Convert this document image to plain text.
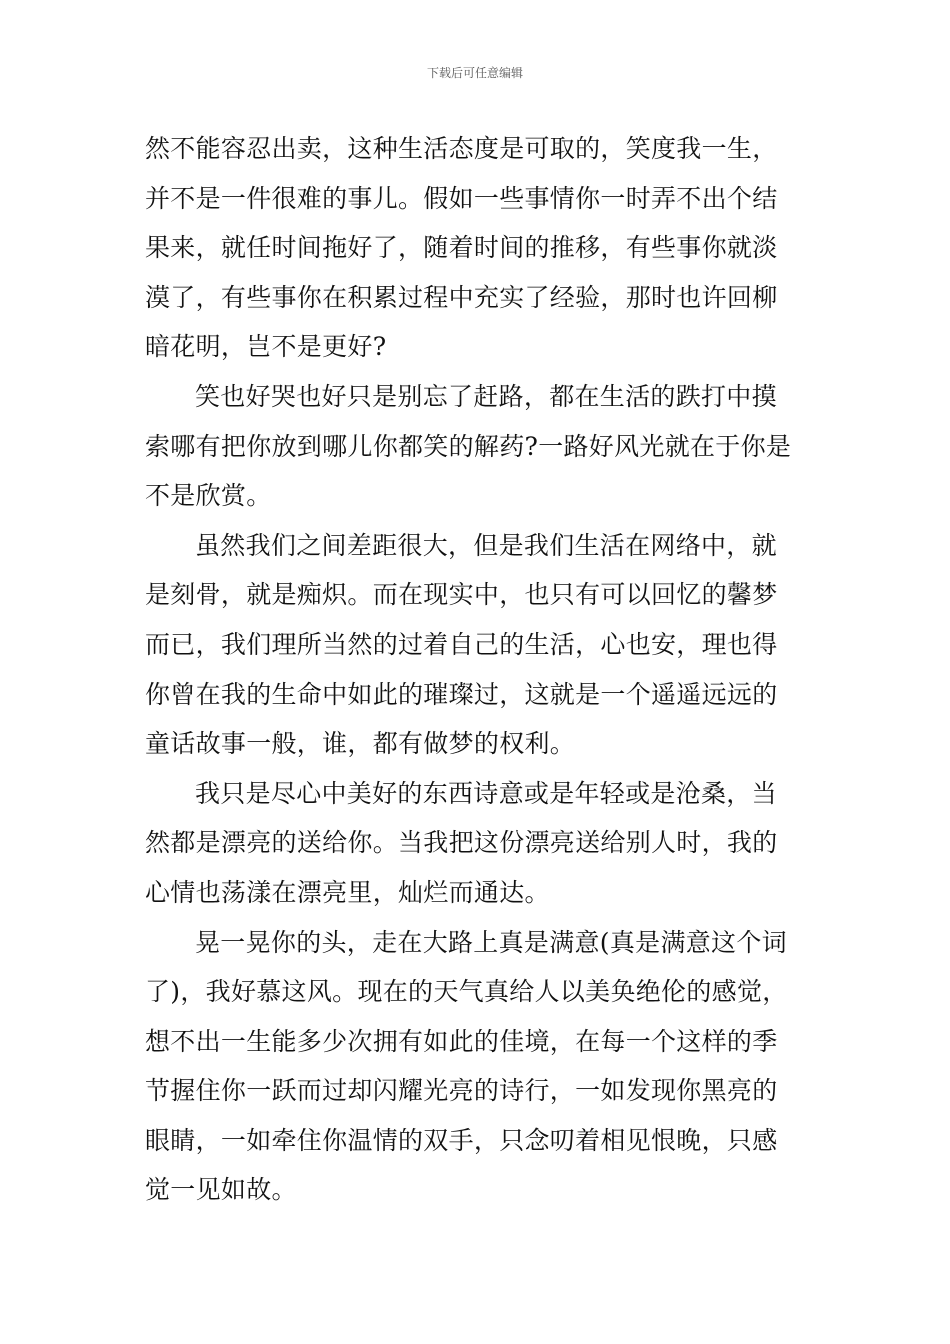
下载后可任意编辑
然不能容忍出卖，这种生活态度是可取的，笑度我一生，
并不是一件很难的事儿。假如一些事情你一时弄不出个结
果来，就任时间拖好了，随着时间的推移，有些事你就淡
漠了，有些事你在积累过程中充实了经验，那时也许回柳
暗花明，岂不是更好?
笑也好哭也好只是别忘了赶路，都在生活的跌打中摸
索哪有把你放到哪儿你都笑的解药?一路好风光就在于你是
不是欣赏。
虽然我们之间差距很大，但是我们生活在网络中，就
是刻骨，就是痴炽。而在现实中，也只有可以回忆的馨梦
而已，我们理所当然的过着自己的生活，心也安，理也得
你曾在我的生命中如此的璀璨过，这就是一个遥遥远远的
童话故事一般，谁，都有做梦的权利。
我只是尽心中美好的东西诗意或是年轻或是沧桑，当
然都是漂亮的送给你。当我把这份漂亮送给别人时，我的
心情也荡漾在漂亮里，灿烂而通达。
晃一晃你的头，走在大路上真是满意(真是满意这个词
了)，我好慕这风。现在的天气真给人以美奂绝伦的感觉，
想不出一生能多少次拥有如此的佳境，在每一个这样的季
节握住你一跃而过却闪耀光亮的诗行，一如发现你黑亮的
眼睛，一如牵住你温情的双手，只念叨着相见恨晚，只感
觉一见如故。
